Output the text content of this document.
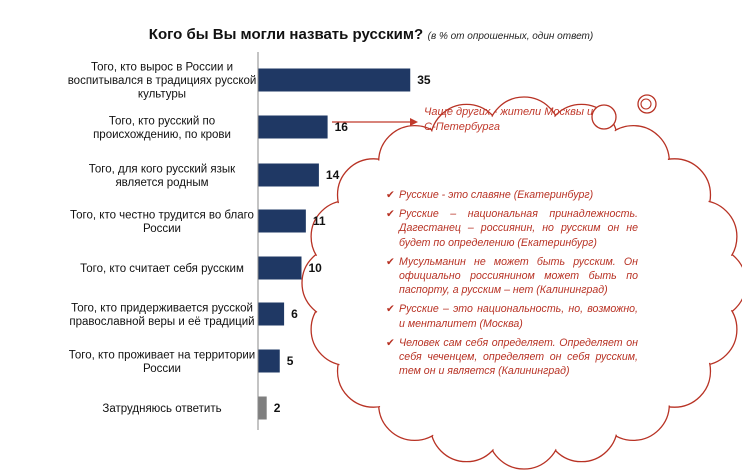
Кого бы Вы могли назвать русским? (в % от опрошенных, один ответ)
35
Того, кто вырос в России и
воспитывался в традициях русской
культуры
16
Того, кто русский по
происхождению, по крови
14
Того, для кого русский язык
является родным
11
Того, кто честно трудится во благо
России
10
Того, кто считает себя русским
6
Того, кто придерживается русской
православной веры и её традиций
5
Того, кто проживает на территории
России
2
Затрудняюсь ответить
Чаще других - жители Москвы и С-Петербурга
✔ Русские - это славяне (Екатеринбург)
✔ Русские – национальная принадлежность. Дагестанец – россиянин, но русским он не будет по определению (Екатеринбург)
✔ Мусульманин не может быть русским. Он официально россиянином может быть по паспорту, а русским – нет (Калининград)
✔ Русские – это национальность, но, возможно, и менталитет (Москва)
✔ Человек сам себя определяет. Определяет он себя чеченцем, определяет он себя русским, тем он и является (Калининград)
